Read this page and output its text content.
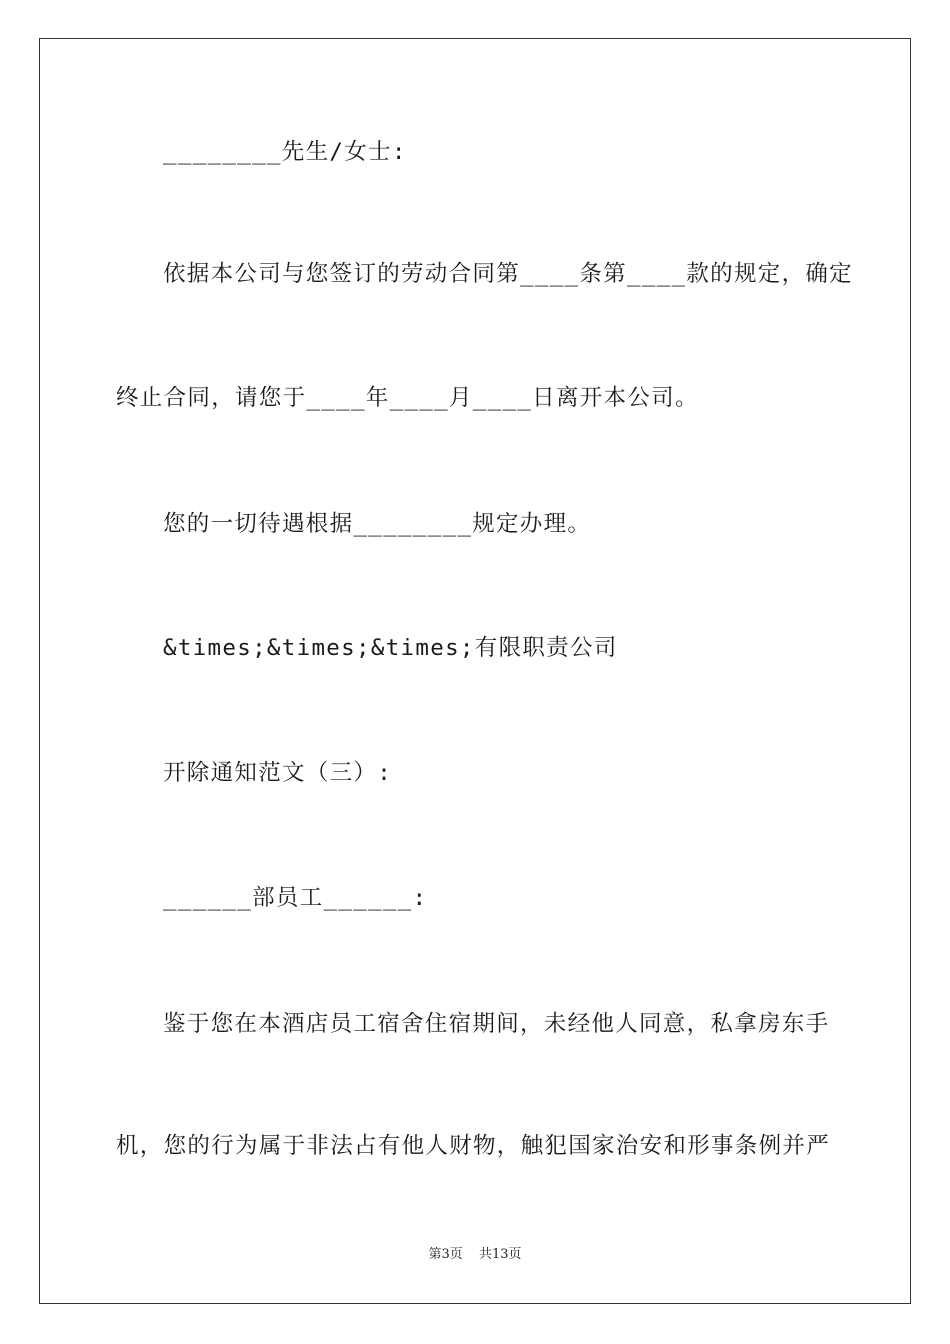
________先生/女士:
依据本公司与您签订的劳动合同第____条第____款的规定，确定
终止合同，请您于____年____月____日离开本公司。
您的一切待遇根据________规定办理。
&times;&times;&times;有限职责公司
开除通知范文（三）:
______部员工______:
鉴于您在本酒店员工宿舍住宿期间，未经他人同意，私拿房东手
机，您的行为属于非法占有他人财物，触犯国家治安和形事条例并严
第3页 共13页
